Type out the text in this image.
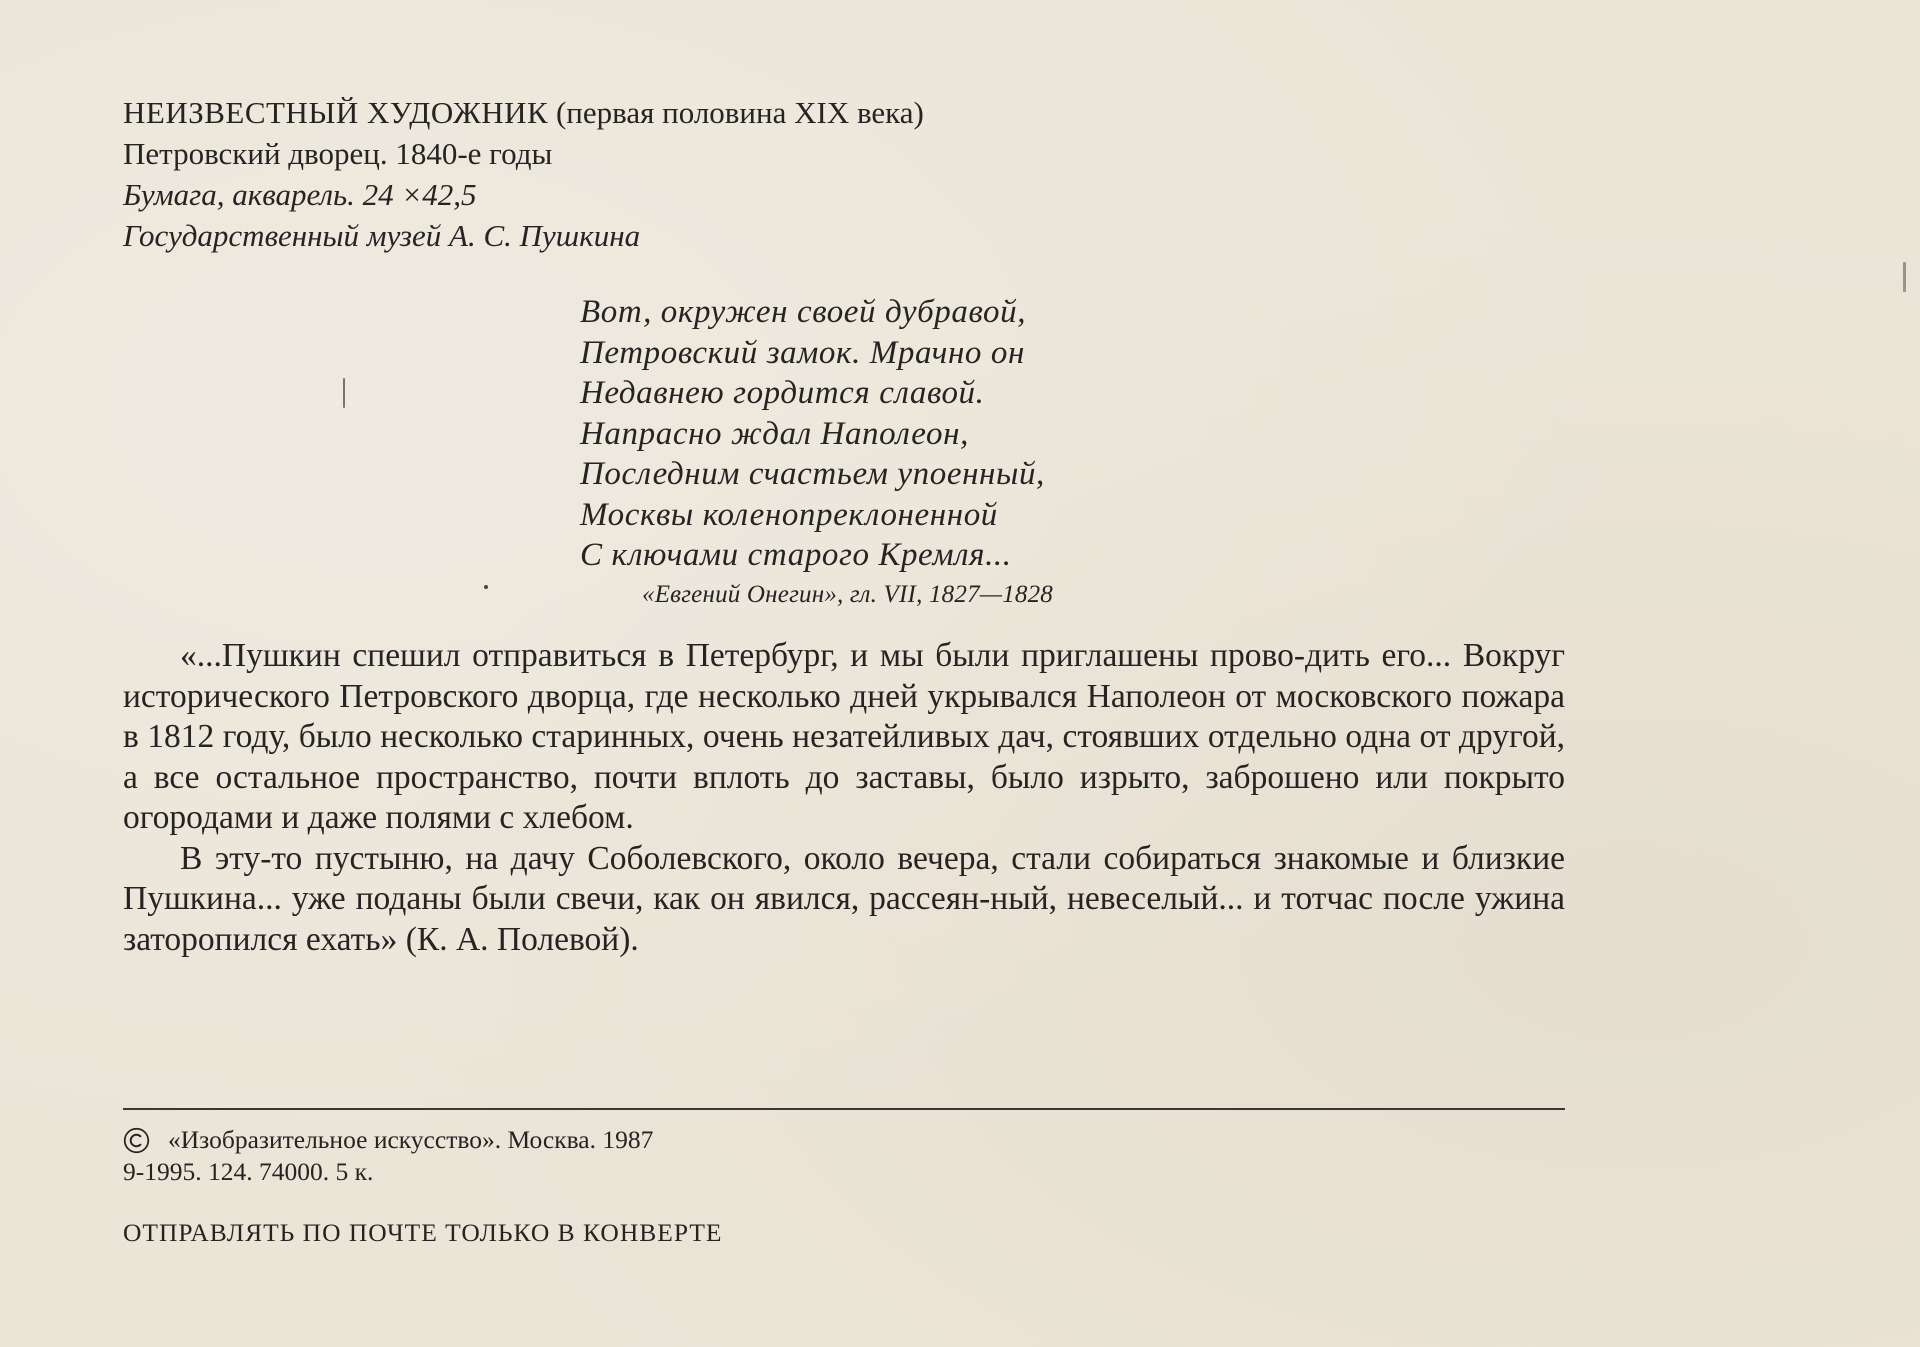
НЕИЗВЕСТНЫЙ ХУДОЖНИК (первая половина XIX века)
Петровский дворец. 1840-е годы
Бумага, акварель. 24 ×42,5
Государственный музей А. С. Пушкина
Вот, окружен своей дубравой,
Петровский замок. Мрачно он
Недавнею гордится славой.
Напрасно ждал Наполеон,
Последним счастьем упоенный,
Москвы коленопреклоненной
С ключами старого Кремля...
«Евгений Онегин», гл. VII, 1827—1828

«...Пушкин спешил отправиться в Петербург, и мы были приглашены прово-дить его... Вокруг исторического Петровского дворца, где несколько дней укрывался Наполеон от московского пожара в 1812 году, было несколько старинных, очень незатейливых дач, стоявших отдельно одна от другой, а все остальное пространство, почти вплоть до заставы, было изрыто, заброшено или покрыто огородами и даже полями с хлебом.

В эту-то пустыню, на дачу Соболевского, около вечера, стали собираться знакомые и близкие Пушкина... уже поданы были свечи, как он явился, рассеян-ный, невеселый... и тотчас после ужина заторопился ехать» (К. А. Полевой).

«Изобразительное искусство». Москва. 1987
9-1995. 124. 74000. 5 к.
ОТПРАВЛЯТЬ ПО ПОЧТЕ ТОЛЬКО В КОНВЕРТЕ
